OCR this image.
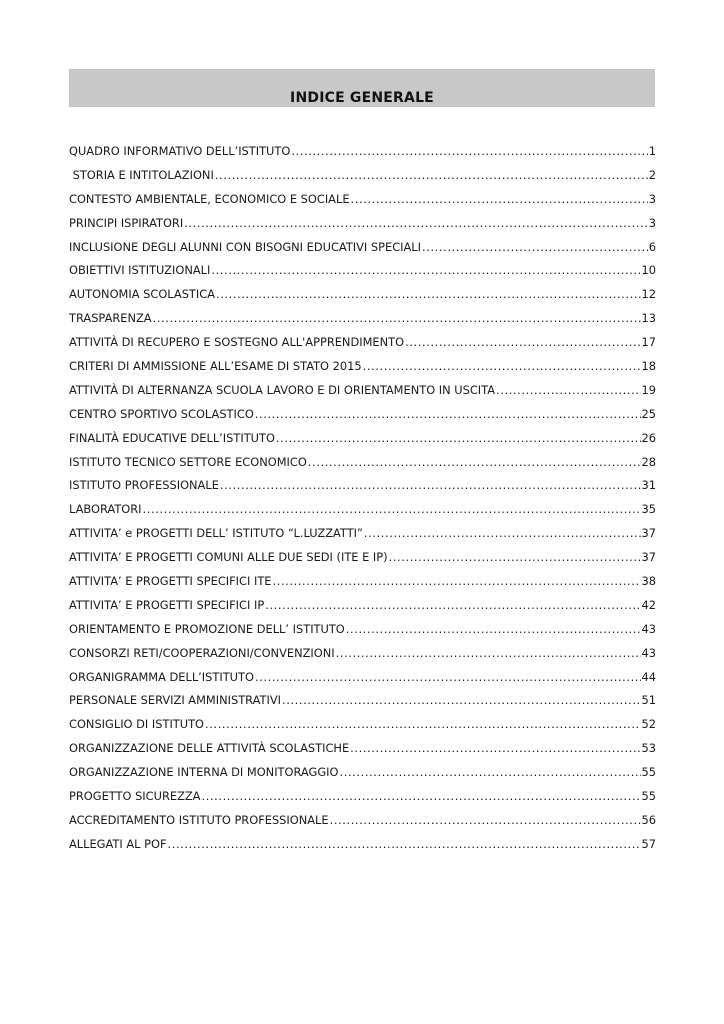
INDICE GENERALE
QUADRO INFORMATIVO DELL’ISTITUTO .....	1
STORIA E INTITOLAZIONI .....	2
CONTESTO AMBIENTALE, ECONOMICO E SOCIALE .....	3
PRINCIPI ISPIRATORI .....	3
INCLUSIONE DEGLI ALUNNI CON BISOGNI EDUCATIVI SPECIALI .....	6
OBIETTIVI ISTITUZIONALI .....	10
AUTONOMIA SCOLASTICA .....	12
TRASPARENZA .....	13
ATTIVITÀ DI RECUPERO E SOSTEGNO ALL'APPRENDIMENTO .....	17
CRITERI DI AMMISSIONE ALL’ESAME DI STATO 2015 .....	18
ATTIVITÀ DI ALTERNANZA SCUOLA LAVORO E DI ORIENTAMENTO IN USCITA .....	19
CENTRO SPORTIVO SCOLASTICO .....	25
FINALITÀ EDUCATIVE DELL’ISTITUTO .....	26
ISTITUTO TECNICO SETTORE ECONOMICO .....	28
ISTITUTO PROFESSIONALE .....	31
LABORATORI .....	35
ATTIVITA’ e PROGETTI DELL’ ISTITUTO “L.LUZZATTI” .....	37
ATTIVITA’ E PROGETTI COMUNI ALLE DUE SEDI (ITE E IP) .....	37
ATTIVITA’ E PROGETTI SPECIFICI ITE .....	38
ATTIVITA’ E PROGETTI SPECIFICI IP .....	42
ORIENTAMENTO E PROMOZIONE DELL’ ISTITUTO .....	43
CONSORZI RETI/COOPERAZIONI/CONVENZIONI .....	43
ORGANIGRAMMA DELL’ISTITUTO .....	44
PERSONALE SERVIZI AMMINISTRATIVI .....	51
CONSIGLIO DI ISTITUTO .....	52
ORGANIZZAZIONE DELLE ATTIVITÀ SCOLASTICHE .....	53
ORGANIZZAZIONE INTERNA DI MONITORAGGIO .....	55
PROGETTO SICUREZZA .....	55
ACCREDITAMENTO ISTITUTO PROFESSIONALE .....	56
ALLEGATI AL POF .....	57
